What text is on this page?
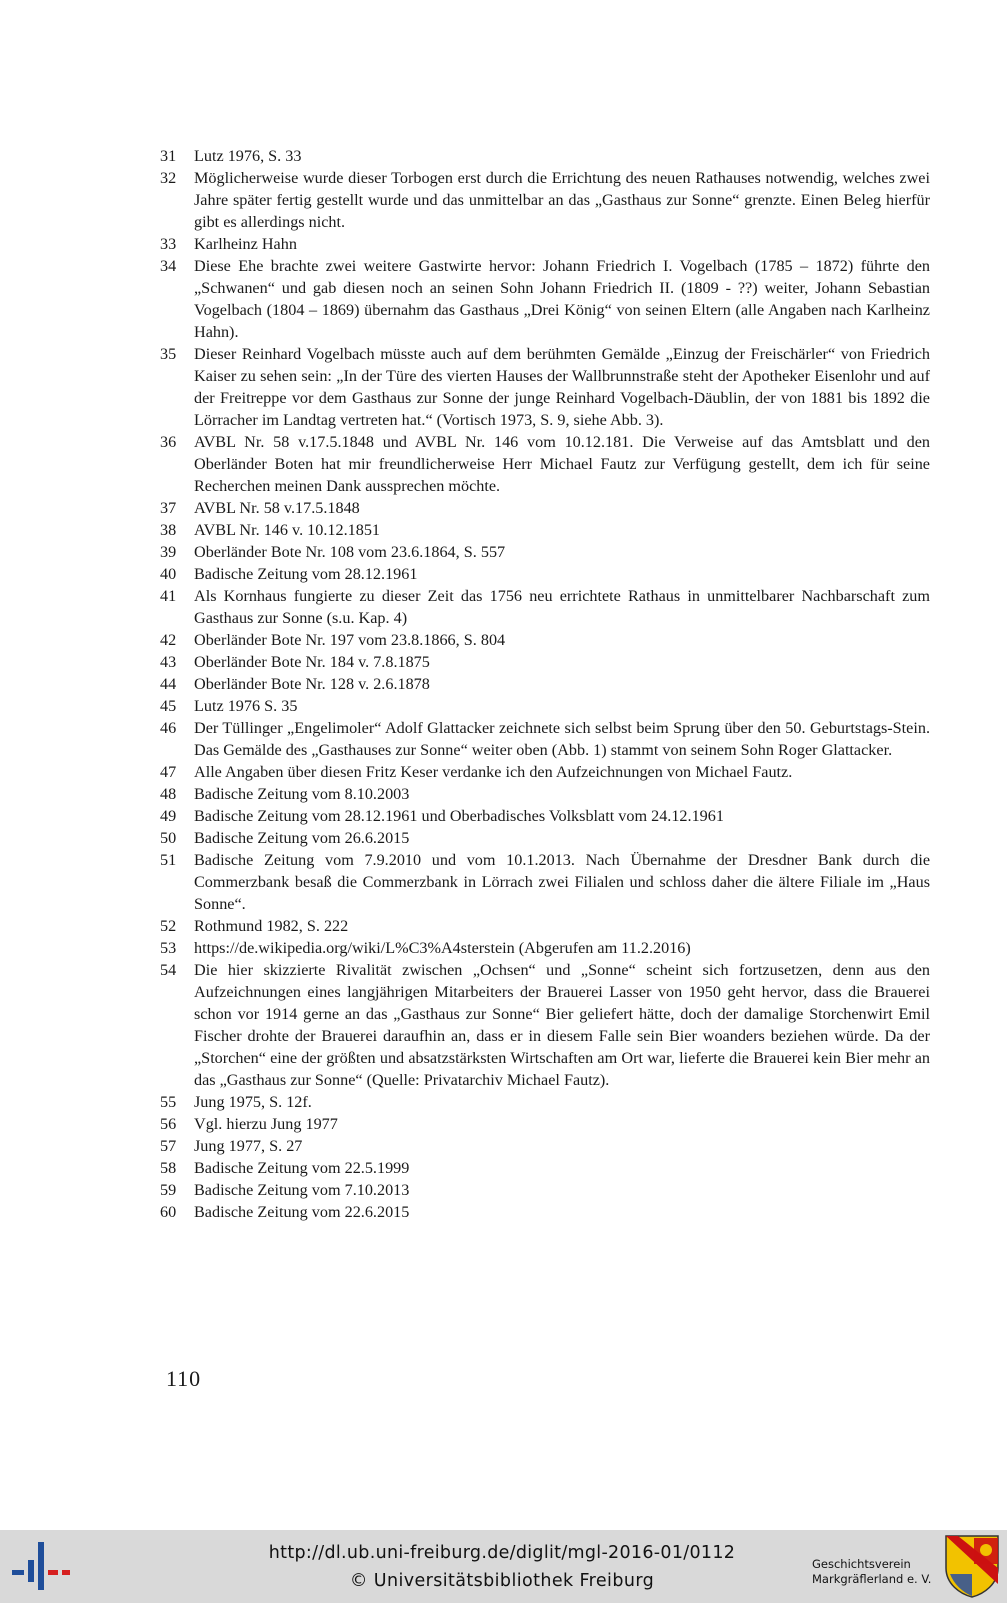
31	Lutz 1976, S. 33
32	Möglicherweise wurde dieser Torbogen erst durch die Errichtung des neuen Rathauses notwendig, welches zwei Jahre später fertig gestellt wurde und das unmittelbar an das „Gasthaus zur Sonne“ grenzte. Einen Beleg hierfür gibt es allerdings nicht.
33	Karlheinz Hahn
34	Diese Ehe brachte zwei weitere Gastwirte hervor: Johann Friedrich I. Vogelbach (1785 – 1872) führte den „Schwanen“ und gab diesen noch an seinen Sohn Johann Friedrich II. (1809 - ??) weiter, Johann Sebastian Vogelbach (1804 – 1869) übernahm das Gasthaus „Drei König“ von seinen Eltern (alle Angaben nach Karlheinz Hahn).
35	Dieser Reinhard Vogelbach müsste auch auf dem berühmten Gemälde „Einzug der Freischärler“ von Friedrich Kaiser zu sehen sein: „In der Türe des vierten Hauses der Wallbrunnstraße steht der Apotheker Eisenlohr und auf der Freitreppe vor dem Gasthaus zur Sonne der junge Reinhard Vogelbach-Däublin, der von 1881 bis 1892 die Lörracher im Landtag vertreten hat.“ (Vortisch 1973, S. 9, siehe Abb. 3).
36	AVBL Nr. 58 v.17.5.1848 und AVBL Nr. 146 vom 10.12.181. Die Verweise auf das Amtsblatt und den Oberländer Boten hat mir freundlicherweise Herr Michael Fautz zur Verfügung gestellt, dem ich für seine Recherchen meinen Dank aussprechen möchte.
37	AVBL Nr. 58 v.17.5.1848
38	AVBL Nr. 146 v. 10.12.1851
39	Oberländer Bote Nr. 108 vom 23.6.1864, S. 557
40	Badische Zeitung vom 28.12.1961
41	Als Kornhaus fungierte zu dieser Zeit das 1756 neu errichtete Rathaus in unmittelbarer Nachbarschaft zum Gasthaus zur Sonne (s.u. Kap. 4)
42	Oberländer Bote Nr. 197 vom 23.8.1866, S. 804
43	Oberländer Bote Nr. 184 v. 7.8.1875
44	Oberländer Bote Nr. 128 v. 2.6.1878
45	Lutz 1976 S. 35
46	Der Tüllinger „Engelimoler“ Adolf Glattacker zeichnete sich selbst beim Sprung über den 50. Geburtstags-Stein. Das Gemälde des „Gasthauses zur Sonne“ weiter oben (Abb. 1) stammt von seinem Sohn Roger Glattacker.
47	Alle Angaben über diesen Fritz Keser verdanke ich den Aufzeichnungen von Michael Fautz.
48	Badische Zeitung vom 8.10.2003
49	Badische Zeitung vom 28.12.1961 und Oberbadisches Volksblatt vom 24.12.1961
50	Badische Zeitung vom 26.6.2015
51	Badische Zeitung vom 7.9.2010 und vom 10.1.2013. Nach Übernahme der Dresdner Bank durch die Commerzbank besaß die Commerzbank in Lörrach zwei Filialen und schloss daher die ältere Filiale im „Haus Sonne“.
52	Rothmund 1982, S. 222
53	https://de.wikipedia.org/wiki/L%C3%A4sterstein (Abgerufen am 11.2.2016)
54	Die hier skizzierte Rivalität zwischen „Ochsen“ und „Sonne“ scheint sich fortzusetzen, denn aus den Aufzeichnungen eines langjährigen Mitarbeiters der Brauerei Lasser von 1950 geht hervor, dass die Brauerei schon vor 1914 gerne an das „Gasthaus zur Sonne“ Bier geliefert hätte, doch der damalige Storchenwirt Emil Fischer drohte der Brauerei daraufhin an, dass er in diesem Falle sein Bier woanders beziehen würde. Da der „Storchen“ eine der größten und absatzstärksten Wirtschaften am Ort war, lieferte die Brauerei kein Bier mehr an das „Gasthaus zur Sonne“ (Quelle: Privatarchiv Michael Fautz).
55	Jung 1975, S. 12f.
56	Vgl. hierzu Jung 1977
57	Jung 1977, S. 27
58	Badische Zeitung vom 22.5.1999
59	Badische Zeitung vom 7.10.2013
60	Badische Zeitung vom 22.6.2015
110
http://dl.ub.uni-freiburg.de/diglit/mgl-2016-01/0112
© Universitätsbibliothek Freiburg
Geschichtsverein
Markgräflerland e. V.
